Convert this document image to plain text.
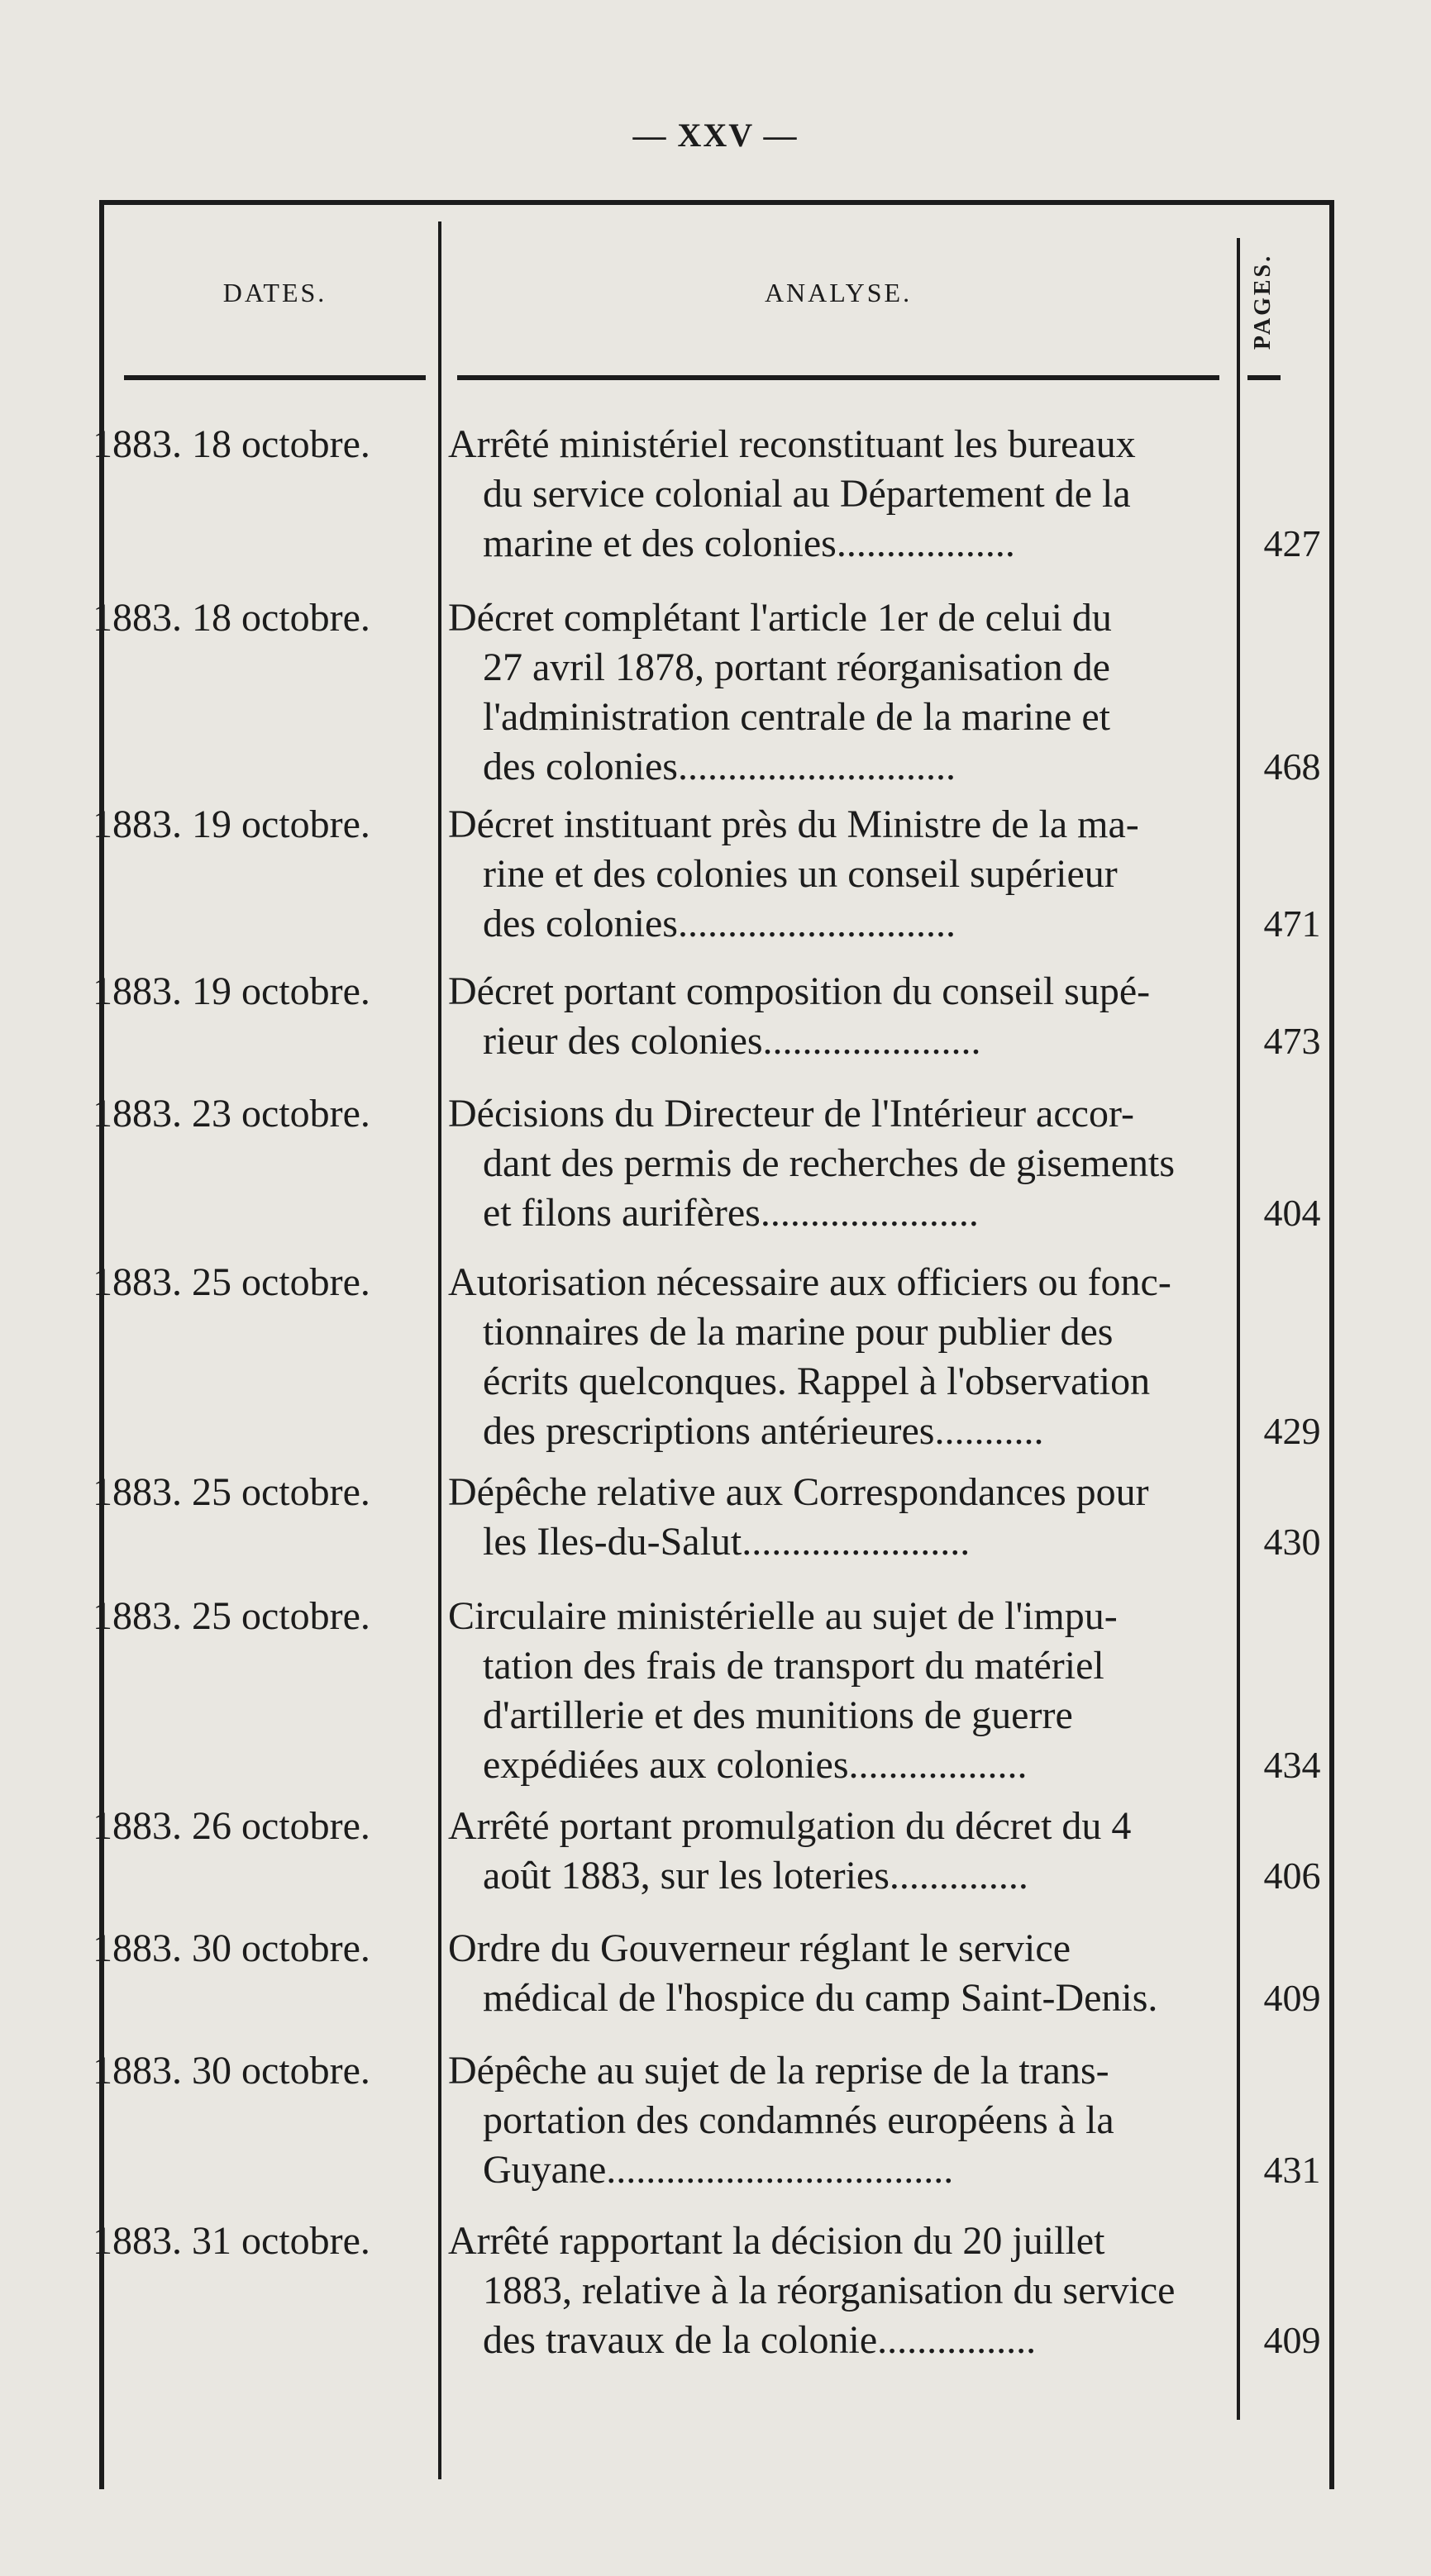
— XXV —
DATES.	ANALYSE.	PAGES.
1883. 18 octobre.	Arrêté ministériel reconstituant les bureaux
du service colonial au Département de la
marine et des colonies..................	427
1883. 18 octobre.	Décret complétant l'article 1er de celui du
27 avril 1878, portant réorganisation de
l'administration centrale de la marine et
des colonies............................	468
1883. 19 octobre.	Décret instituant près du Ministre de la ma-
rine et des colonies un conseil supérieur
des colonies............................	471
1883. 19 octobre.	Décret portant composition du conseil supé-
rieur des colonies......................	473
1883. 23 octobre.	Décisions du Directeur de l'Intérieur accor-
dant des permis de recherches de gisements
et filons aurifères......................	404
1883. 25 octobre.	Autorisation nécessaire aux officiers ou fonc-
tionnaires de la marine pour publier des
écrits quelconques. Rappel à l'observation
des prescriptions antérieures...........	429
1883. 25 octobre.	Dépêche relative aux Correspondances pour
les Iles-du-Salut.......................	430
1883. 25 octobre.	Circulaire ministérielle au sujet de l'impu-
tation des frais de transport du matériel
d'artillerie et des munitions de guerre
expédiées aux colonies..................	434
1883. 26 octobre.	Arrêté portant promulgation du décret du 4
août 1883, sur les loteries..............	406
1883. 30 octobre.	Ordre du Gouverneur réglant le service
médical de l'hospice du camp Saint-Denis.	409
1883. 30 octobre.	Dépêche au sujet de la reprise de la trans-
portation des condamnés européens à la
Guyane...................................	431
1883. 31 octobre.	Arrêté rapportant la décision du 20 juillet
1883, relative à la réorganisation du service
des travaux de la colonie................	409
